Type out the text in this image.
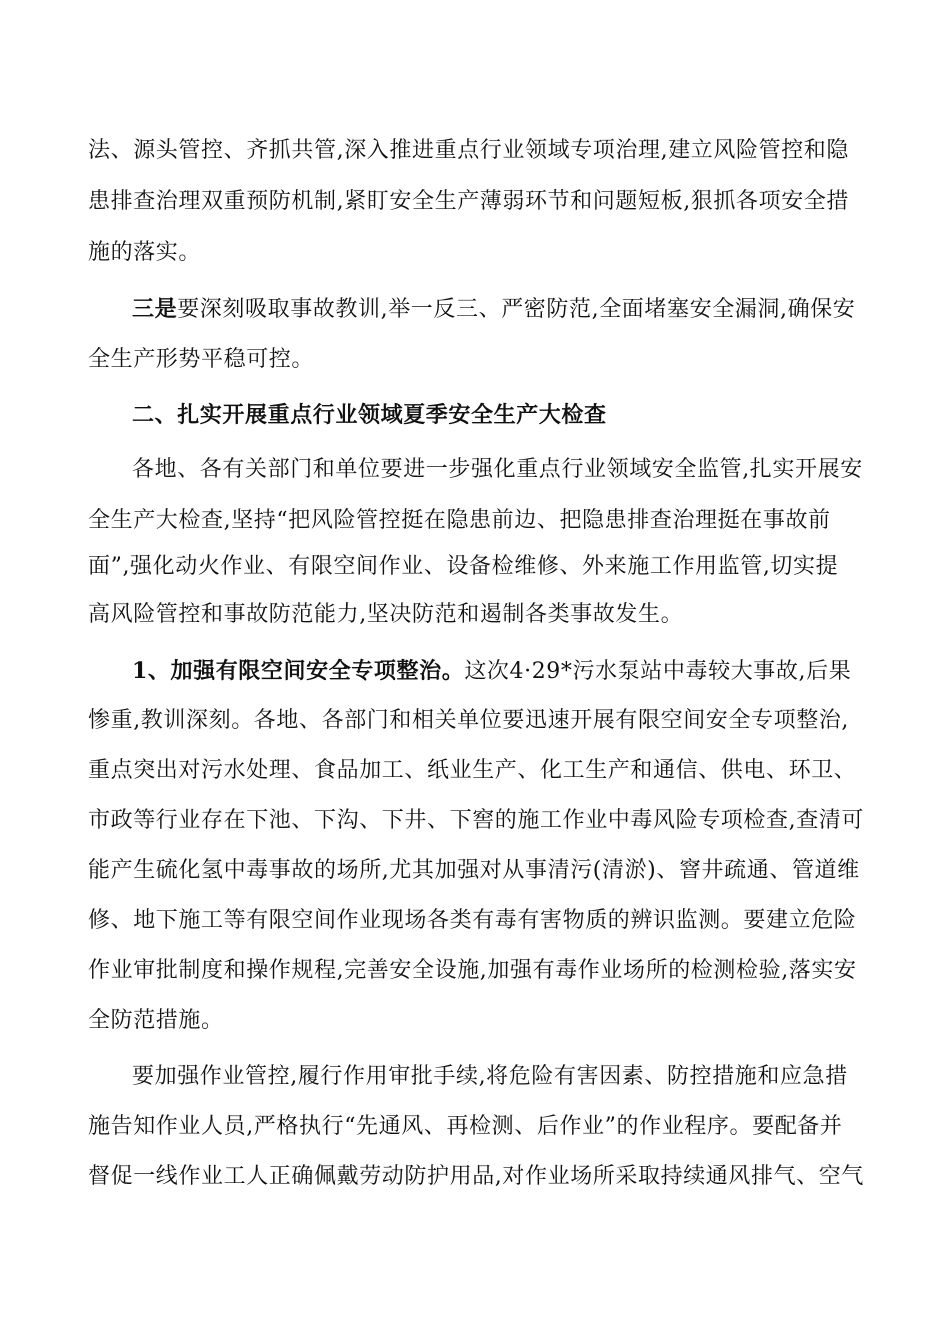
法、源头管控、齐抓共管,深入推进重点行业领域专项治理,建立风险管控和隐
患排查治理双重预防机制,紧盯安全生产薄弱环节和问题短板,狠抓各项安全措
施的落实。
三是要深刻吸取事故教训,举一反三、严密防范,全面堵塞安全漏洞,确保安
全生产形势平稳可控。
二、扎实开展重点行业领域夏季安全生产大检查
各地、各有关部门和单位要进一步强化重点行业领域安全监管,扎实开展安
全生产大检查,坚持“把风险管控挺在隐患前边、把隐患排查治理挺在事故前
面”,强化动火作业、有限空间作业、设备检维修、外来施工作用监管,切实提
高风险管控和事故防范能力,坚决防范和遏制各类事故发生。
1、加强有限空间安全专项整治。这次4·29*污水泵站中毒较大事故,后果
惨重,教训深刻。各地、各部门和相关单位要迅速开展有限空间安全专项整治,
重点突出对污水处理、食品加工、纸业生产、化工生产和通信、供电、环卫、
市政等行业存在下池、下沟、下井、下窖的施工作业中毒风险专项检查,查清可
能产生硫化氢中毒事故的场所,尤其加强对从事清污(清淤)、窨井疏通、管道维
修、地下施工等有限空间作业现场各类有毒有害物质的辨识监测。要建立危险
作业审批制度和操作规程,完善安全设施,加强有毒作业场所的检测检验,落实安
全防范措施。
要加强作业管控,履行作用审批手续,将危险有害因素、防控措施和应急措
施告知作业人员,严格执行“先通风、再检测、后作业”的作业程序。要配备并
督促一线作业工人正确佩戴劳动防护用品,对作业场所采取持续通风排气、空气
